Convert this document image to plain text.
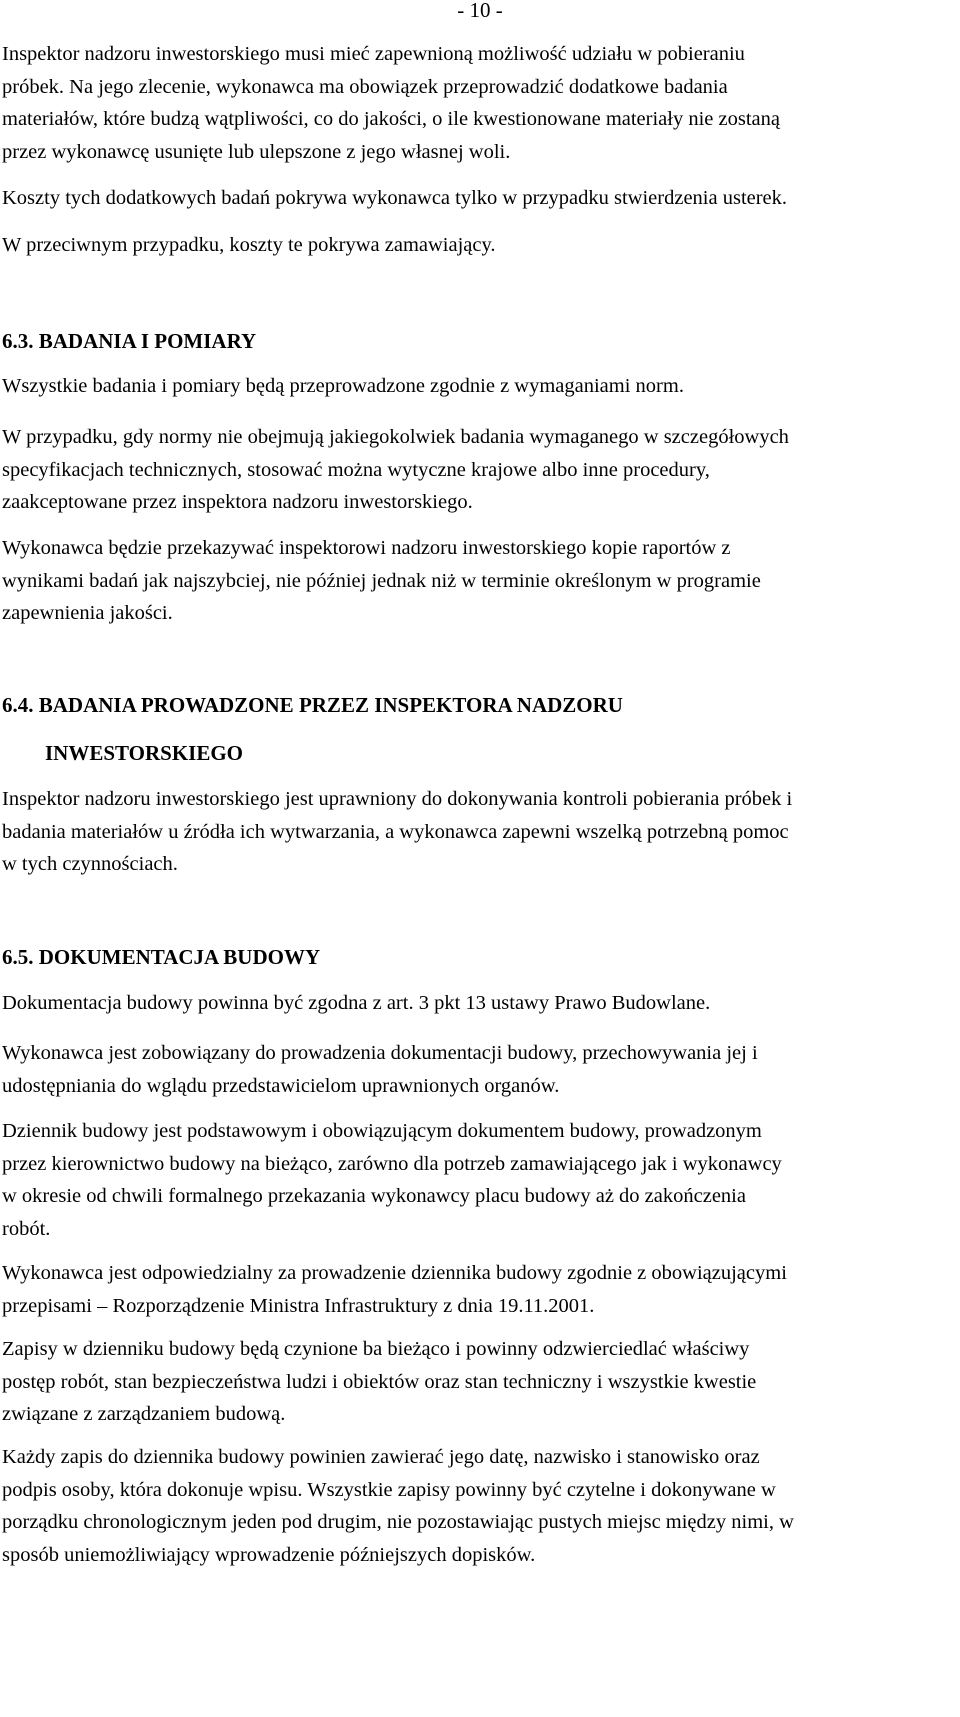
- 10 -

Inspektor nadzoru inwestorskiego musi mieć zapewnioną możliwość udziału w pobieraniu
próbek. Na jego zlecenie, wykonawca ma obowiązek przeprowadzić dodatkowe badania
materiałów, które budzą wątpliwości, co do jakości, o ile kwestionowane materiały nie zostaną
przez wykonawcę usunięte lub ulepszone z jego własnej woli.

Koszty tych dodatkowych badań pokrywa wykonawca tylko w przypadku stwierdzenia usterek.

W przeciwnym przypadku, koszty te pokrywa zamawiający.

6.3. BADANIA I POMIARY

Wszystkie badania i pomiary będą przeprowadzone zgodnie z wymaganiami norm.

W przypadku, gdy normy nie obejmują jakiegokolwiek badania wymaganego w szczegółowych
specyfikacjach technicznych, stosować można wytyczne krajowe albo inne procedury,
zaakceptowane przez inspektora nadzoru inwestorskiego.

Wykonawca będzie przekazywać inspektorowi nadzoru inwestorskiego kopie raportów z
wynikami badań jak najszybciej, nie później jednak niż w terminie określonym w programie
zapewnienia jakości.

6.4. BADANIA PROWADZONE PRZEZ INSPEKTORA NADZORU
INWESTORSKIEGO

Inspektor nadzoru inwestorskiego jest uprawniony do dokonywania kontroli pobierania próbek i
badania materiałów u źródła ich wytwarzania, a wykonawca zapewni wszelką potrzebną pomoc
w tych czynnościach.

6.5. DOKUMENTACJA BUDOWY

Dokumentacja budowy powinna być zgodna z art. 3 pkt 13 ustawy Prawo Budowlane.

Wykonawca jest zobowiązany do prowadzenia dokumentacji budowy, przechowywania jej i
udostępniania do wglądu przedstawicielom uprawnionych organów.

Dziennik budowy jest podstawowym i obowiązującym dokumentem budowy, prowadzonym
przez kierownictwo budowy na bieżąco, zarówno dla potrzeb zamawiającego jak i wykonawcy
w okresie od chwili formalnego przekazania wykonawcy placu budowy aż do zakończenia
robót.

Wykonawca jest odpowiedzialny za prowadzenie dziennika budowy zgodnie z obowiązującymi
przepisami – Rozporządzenie Ministra Infrastruktury z dnia 19.11.2001.

Zapisy w dzienniku budowy będą czynione ba bieżąco i powinny odzwierciedlać właściwy
postęp robót, stan bezpieczeństwa ludzi i obiektów oraz stan techniczny i wszystkie kwestie
związane z zarządzaniem budową.

Każdy zapis do dziennika budowy powinien zawierać jego datę, nazwisko i stanowisko oraz
podpis osoby, która dokonuje wpisu. Wszystkie zapisy powinny być czytelne i dokonywane w
porządku chronologicznym jeden pod drugim, nie pozostawiając pustych miejsc między nimi, w
sposób uniemożliwiający wprowadzenie późniejszych dopisków.
